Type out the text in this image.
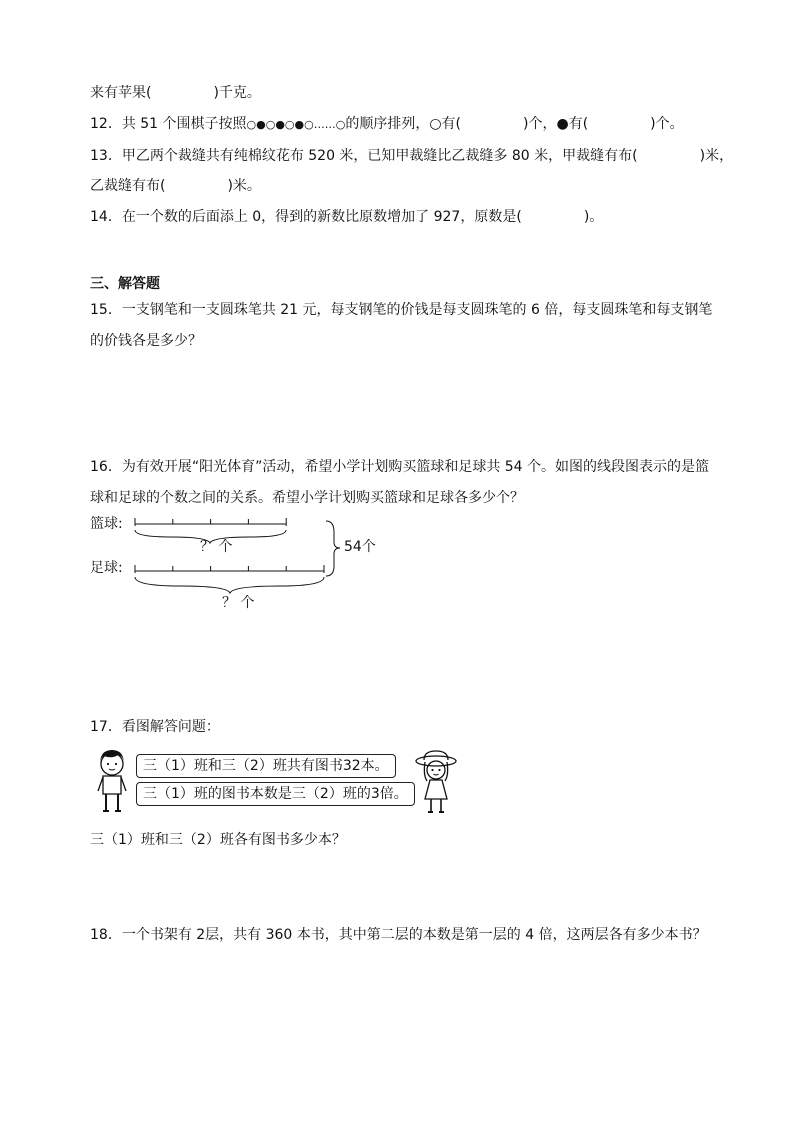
来有苹果(	)千克。
12．共 51 个围棋子按照○●○●○●○……○的顺序排列，○有(	)个，●有(	)个。
13．甲乙两个裁缝共有纯棉纹花布 520 米，已知甲裁缝比乙裁缝多 80 米，甲裁缝有布(	)米，
乙裁缝有布(	)米。
14．在一个数的后面添上 0，得到的新数比原数增加了 927，原数是(	)。
三、解答题
15．一支钢笔和一支圆珠笔共 21 元，每支钢笔的价钱是每支圆珠笔的 6 倍，每支圆珠笔和每支钢笔
的价钱各是多少？
16．为有效开展“阳光体育”活动，希望小学计划购买篮球和足球共 54 个。如图的线段图表示的是篮
球和足球的个数之间的关系。希望小学计划购买篮球和足球各多少个？
篮球:
足球:
？ 个
？ 个
54个
17．看图解答问题：
三（1）班和三（2）班共有图书32本。
三（1）班的图书本数是三（2）班的3倍。
三（1）班和三（2）班各有图书多少本？
18．一个书架有 2层，共有 360 本书，其中第二层的本数是第一层的 4 倍，这两层各有多少本书？
